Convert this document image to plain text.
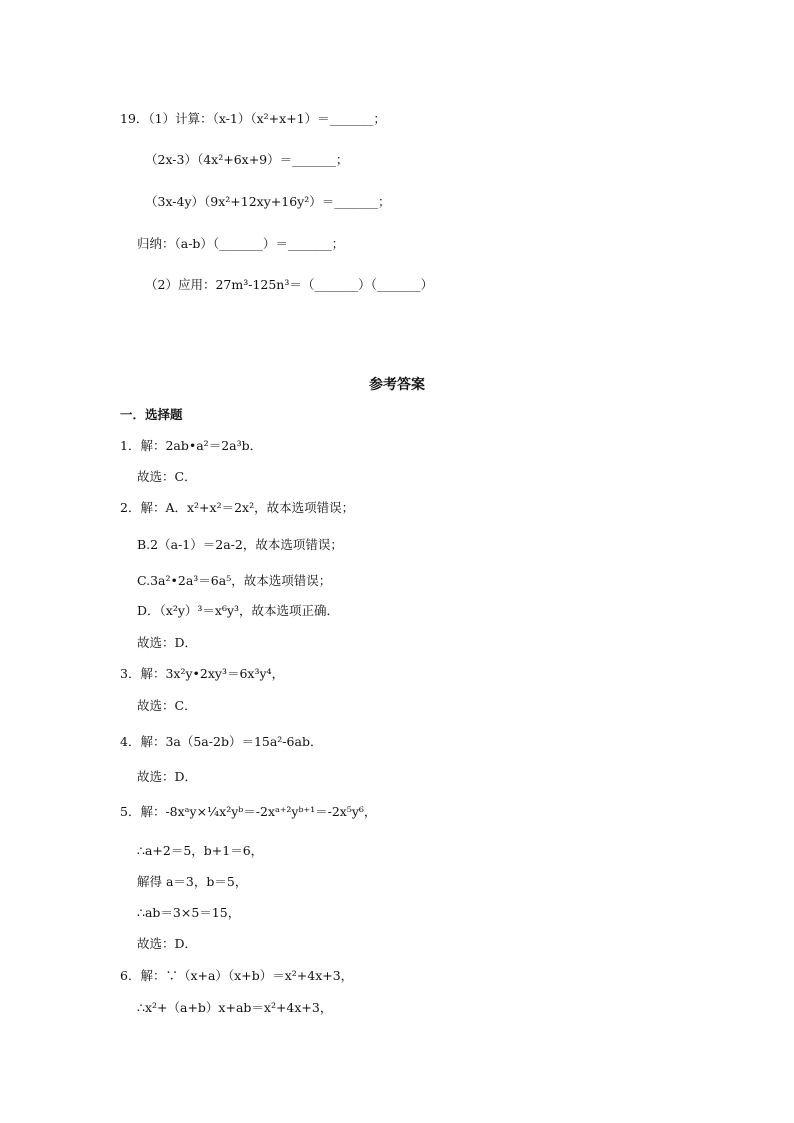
19．（1）计算：（x-1）（x²+x+1）＝_______；
（2x-3）（4x²+6x+9）＝_______；
（3x-4y）（9x²+12xy+16y²）＝_______；
归纳：（a-b）（_______）＝_______；
（2）应用：27m³-125n³＝（_______）（_______）
参考答案
一．选择题
1．解：2ab•a²＝2a³b．
故选：C．
2．解：A．x²+x²＝2x²，故本选项错误；
B.2（a-1）＝2a-2，故本选项错误；
C.3a²•2a³＝6a⁵，故本选项错误；
D．（x²y）³＝x⁶y³，故本选项正确．
故选：D．
3．解：3x²y•2xy³＝6x³y⁴，
故选：C．
4．解：3a（5a-2b）＝15a²-6ab．
故选：D．
5．解：-8xᵃy×¼x²yᵇ＝-2xᵃ⁺²yᵇ⁺¹＝-2x⁵y⁶，
∴a+2＝5，b+1＝6，
解得 a＝3，b＝5，
∴ab＝3×5＝15，
故选：D．
6．解：∵（x+a）（x+b）＝x²+4x+3，
∴x²+（a+b）x+ab＝x²+4x+3，
